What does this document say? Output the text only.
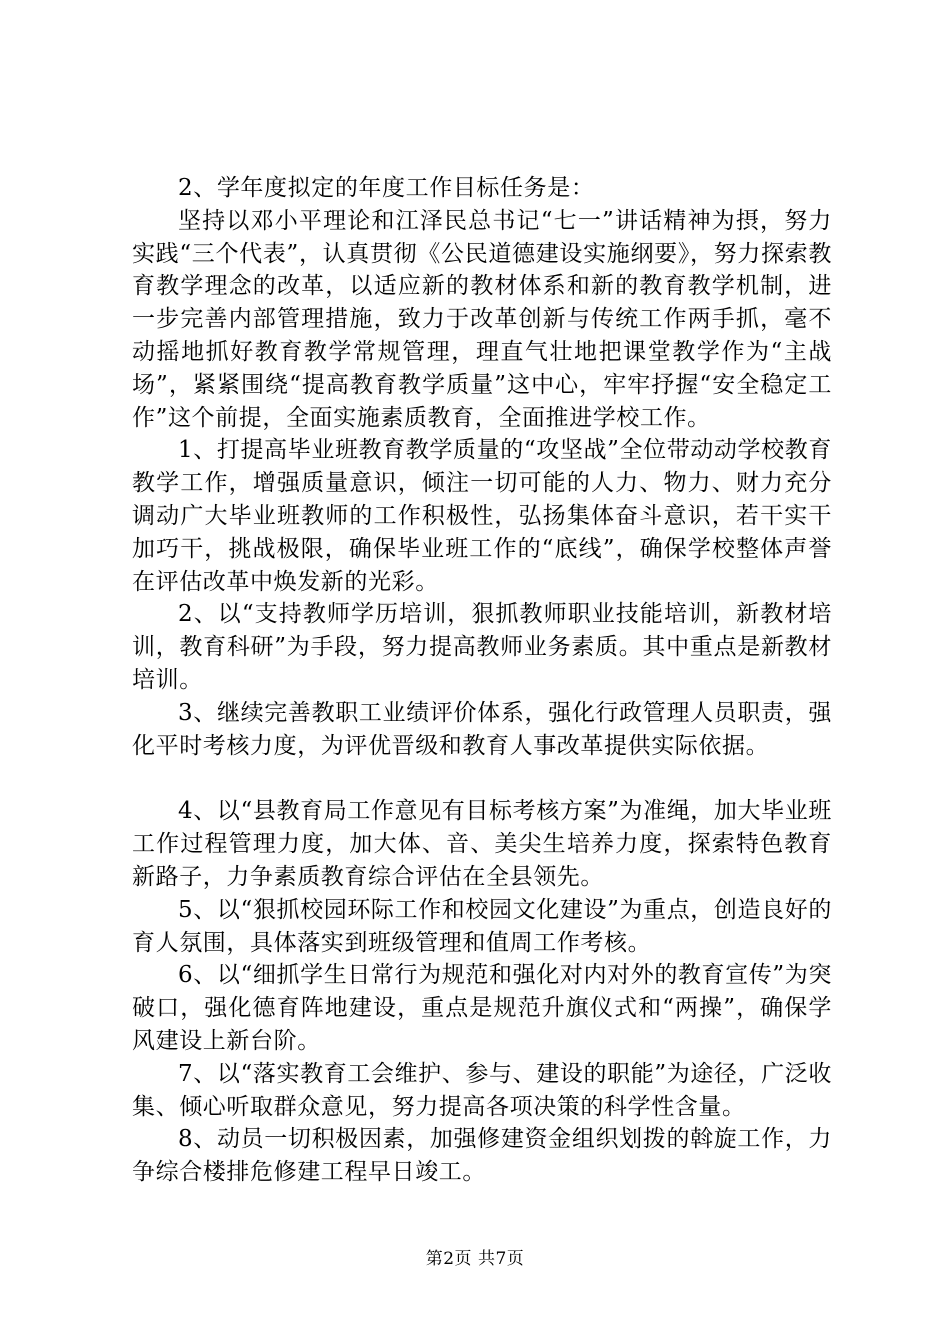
2、学年度拟定的年度工作目标任务是：

坚持以邓小平理论和江泽民总书记“七一”讲话精神为摂，努力实践“三个代表”，认真贯彻《公民道德建设实施纲要》，努力探索教育教学理念的改革，以适应新的教材体系和新的教育教学机制，进一步完善内部管理措施，致力于改革创新与传统工作两手抓，毫不动摇地抓好教育教学常规管理，理直气壮地把课堂教学作为“主战场”，紧紧围绕“提高教育教学质量”这中心，牢牢抒握“安全稳定工作”这个前提，全面实施素质教育，全面推进学校工作。

1、打提高毕业班教育教学质量的“攻坚战”全位带动动学校教育教学工作，增强质量意识，倾注一切可能的人力、物力、财力充分调动广大毕业班教师的工作积极性，弘扬集体奋斗意识，若干实干加巧干，挑战极限，确保毕业班工作的“底线”，确保学校整体声誉在评估改革中焕发新的光彩。

2、以“支持教师学历培训，狠抓教师职业技能培训，新教材培训，教育科研”为手段，努力提高教师业务素质。其中重点是新教材培训。

3、继续完善教职工业绩评价体系，强化行政管理人员职责，强化平时考核力度，为评优晋级和教育人事改革提供实际依据。

4、以“县教育局工作意见有目标考核方案”为准绳，加大毕业班工作过程管理力度，加大体、音、美尖生培养力度，探索特色教育新路子，力争素质教育综合评估在全县领先。

5、以“狠抓校园环际工作和校园文化建设”为重点，创造良好的育人氛围，具体落实到班级管理和值周工作考核。

6、以“细抓学生日常行为规范和强化对内对外的教育宣传”为突破口，强化德育阵地建设，重点是规范升旗仪式和“两操”，确保学风建设上新台阶。

7、以“落实教育工会维护、参与、建设的职能”为途径，广泛收集、倾心听取群众意见，努力提高各项决策的科学性含量。

8、动员一切积极因素，加强修建资金组织划拨的斡旋工作，力争综合楼排危修建工程早日竣工。

第2页 共7页
